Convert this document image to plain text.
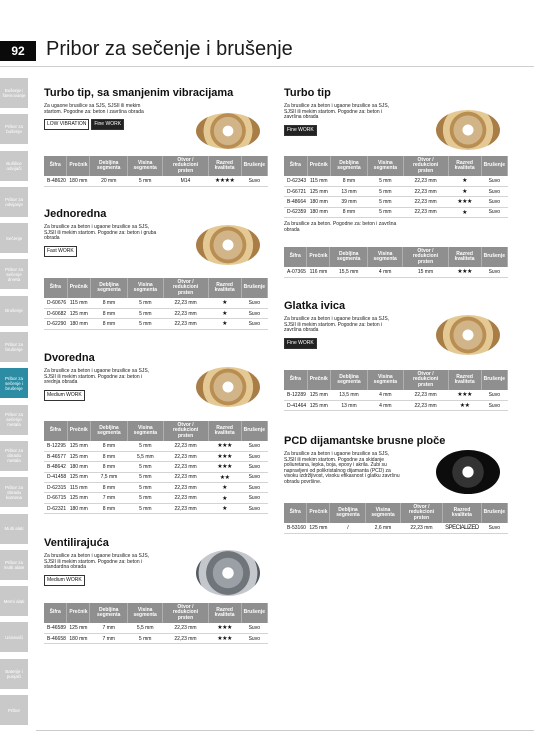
92	Pribor za sečenje i brušenje
Bušenje i štemovanje
Pribor za bušenje
Bušilice odvijači
Pribor za odvijanje
Sečenje
Pribor za sečenje drveta
Brušenje
Pribor za brušenje
Pribor za sečenje i brušenje
Pribor za sečenje metala
Pribor za obradu metala
Pribor za obradu kamena
Multi alati
Pribor za multi alate
Merni alati
Usisivači
Baterije i punjači
Pribor
Turbo tip, sa smanjenim vibracijama
Za ugaone brusilice sa SJS, SJSII ili mekim startom. Pogodne za: beton i završna obrada
LOW VIBRATION	Fine WORK
Turbo tip
Za brusilice za beton i ugaone brusilice sa SJS, SJSII ili mekim startom. Pogodne za: beton i završna obrada
Fine WORK
Jednoredna
Za brusilice za beton i ugaone brusilice sa SJS, SJSII ili mekim startom. Pogodne za: beton i gruba obrada
Fast WORK
Za brusilice za beton. Pogodne za: beton i završna obrada
Glatka ivica
Za brusilice za beton i ugaone brusilice sa SJS, SJSII ili mekim startom. Pogodne za: beton i završna obrada
Fine WORK
Dvoredna
Za brusilice za beton i ugaone brusilice sa SJS, SJSII ili mekim startom. Pogodne za: beton i srednja obrada
Medium WORK
PCD dijamantske brusne ploče
Za brusilice za beton i ugaone brusilice sa SJS, SJSII ili mekim startom. Pogodne za skidanje poliuretana, lepka, boja, epoxy i akrila. Zubi su napravljeni od polikristalnog dijamanta (PCD) za visoku izdržljivost, visoku efikasnost i glatku završnu obradu površine.
Ventilirajuća
Za brusilice za beton i ugaone brusilice sa SJS, SJSII ili mekim startom. Pogodne za: beton i standardna obrada
Medium WORK
Šifra	Prečnik	Debljina segmenta	Visina segmenta	Otvor / redukcioni prsten	Razred kvaliteta	Brušenje
B-48620	180 mm	20 mm	5 mm	M14	★★★★	Suvo
Šifra	Prečnik	Debljina segmenta	Visina segmenta	Otvor / redukcioni prsten	Razred kvaliteta	Brušenje
D-62343	115 mm	8 mm	5 mm	22,23 mm	★	Suvo
D-66721	125 mm	13 mm	5 mm	22,23 mm	★	Suvo
B-48664	180 mm	39 mm	5 mm	22,23 mm	★★★	Suvo
D-62359	180 mm	8 mm	5 mm	22,23 mm	★	Suvo
Šifra	Prečnik	Debljina segmenta	Visina segmenta	Otvor / redukcioni prsten	Razred kvaliteta	Brušenje
D-60676	115 mm	8 mm	5 mm	22,23 mm	★	Suvo
D-60682	125 mm	8 mm	5 mm	22,23 mm	★	Suvo
D-62290	180 mm	8 mm	5 mm	22,23 mm	★	Suvo
Šifra	Prečnik	Debljina segmenta	Visina segmenta	Otvor / redukcioni prsten	Razred kvaliteta	Brušenje
A-07365	116 mm	15,5 mm	4 mm	15 mm	★★★	Suvo
Šifra	Prečnik	Debljina segmenta	Visina segmenta	Otvor / redukcioni prsten	Razred kvaliteta	Brušenje
B-12289	125 mm	13,5 mm	4 mm	22,23 mm	★★★	Suvo
D-41464	125 mm	13 mm	4 mm	22,23 mm	★★	Suvo
Šifra	Prečnik	Debljina segmenta	Visina segmenta	Otvor / redukcioni prsten	Razred kvaliteta	Brušenje
B-12295	125 mm	8 mm	5 mm	22,23 mm	★★★	Suvo
B-46577	125 mm	8 mm	5,5 mm	22,23 mm	★★★	Suvo
B-48642	180 mm	8 mm	5 mm	22,23 mm	★★★	Suvo
D-41458	125 mm	7,5 mm	5 mm	22,23 mm	★★	Suvo
D-62315	115 mm	8 mm	5 mm	22,23 mm	★	Suvo
D-66715	125 mm	7 mm	5 mm	22,23 mm	★	Suvo
D-62321	180 mm	8 mm	5 mm	22,23 mm	★	Suvo
Šifra	Prečnik	Debljina segmenta	Visina segmenta	Otvor / redukcioni prsten	Razred kvaliteta	Brušenje
B-53160	125 mm	/	2,6 mm	22,23 mm	SPECIALIZED	Suvo
Šifra	Prečnik	Debljina segmenta	Visina segmenta	Otvor / redukcioni prsten	Razred kvaliteta	Brušenje
B-46589	125 mm	7 mm	5,5 mm	22,23 mm	★★★	Suvo
B-46658	180 mm	7 mm	5 mm	22,23 mm	★★★	Suvo
